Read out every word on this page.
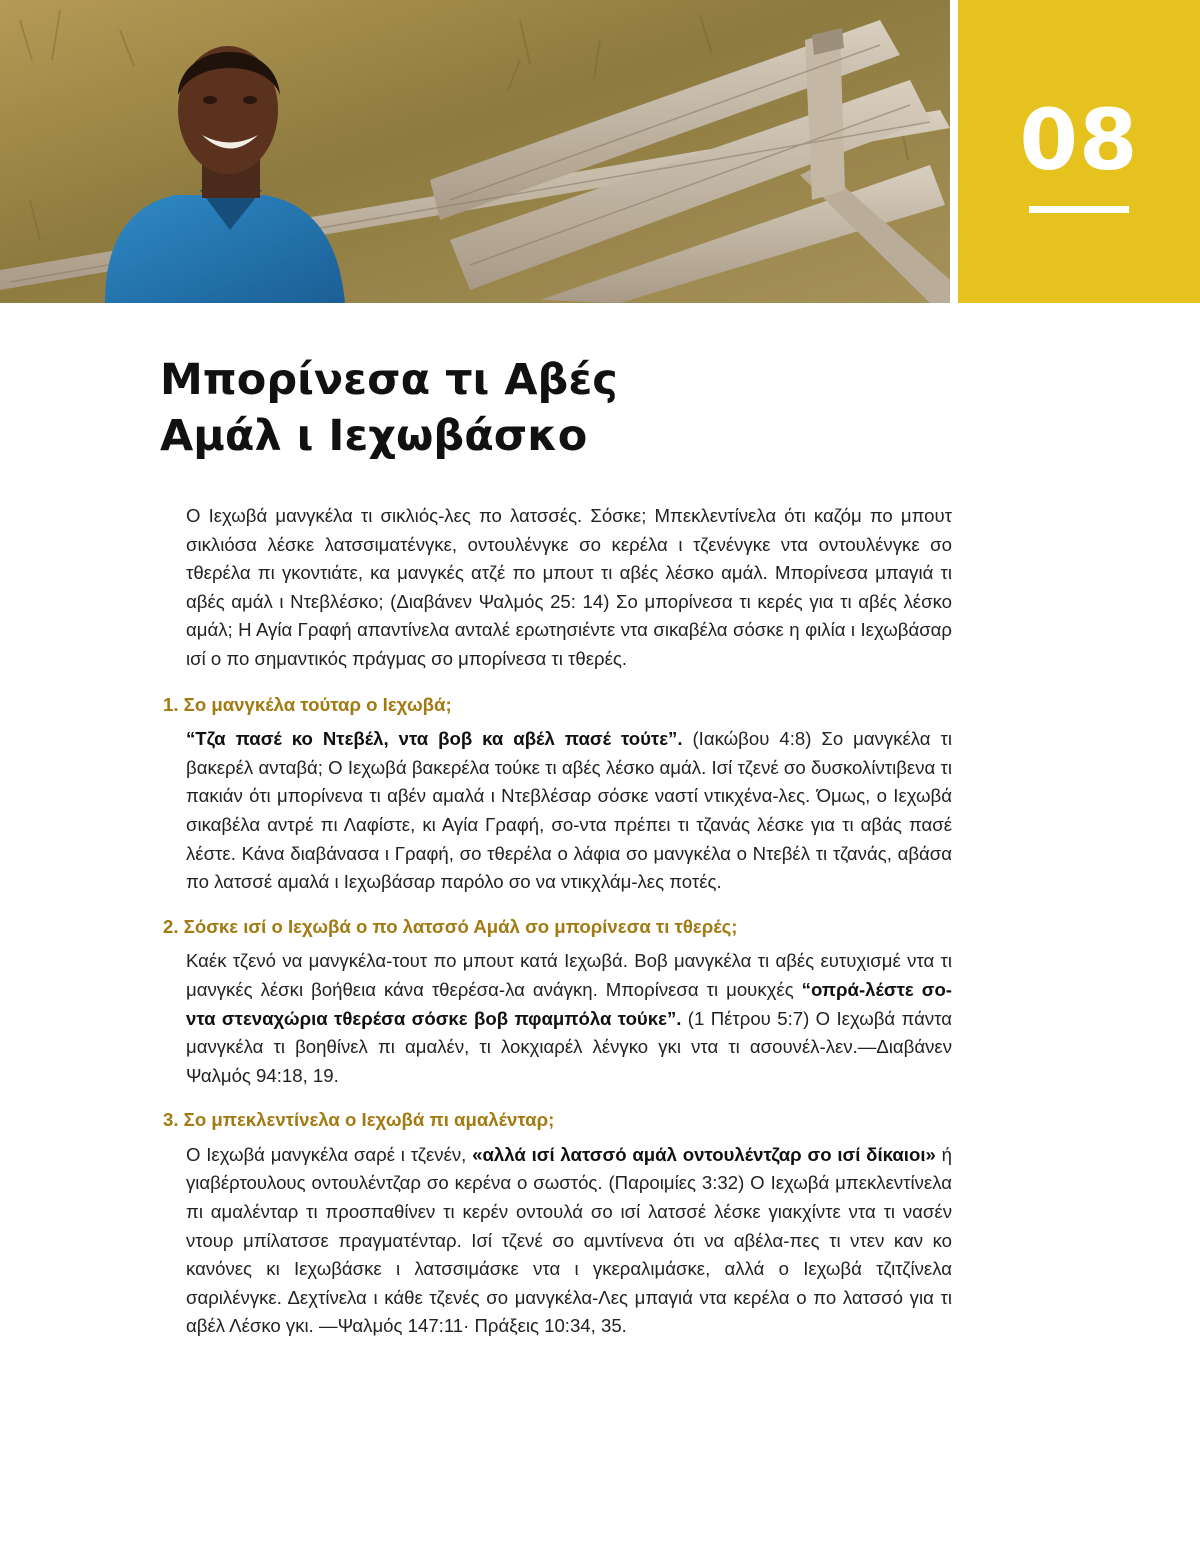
08
Μπορίνεσα τι Αβές
Αμάλ ι Ιεχωβάσκο

Ο Ιεχωβά μανγκέλα τι σικλιός-λες πο λατσσές. Σόσκε; Μπεκλεντίνελα ότι καζόμ πο μπουτ σικλιόσα λέσκε λατσσιματένγκε, οντουλένγκε σο κερέλα ι τζενένγκε ντα οντουλένγκε σο τθερέλα πι γκοντιάτε, κα μανγκές ατζέ πο μπουτ τι αβές λέσκο αμάλ. Μπορίνεσα μπαγιά τι αβές αμάλ ι Ντεβλέσκο; (Διαβάνεν Ψαλμός 25: 14) Σο μπορίνεσα τι κερές για τι αβές λέσκο αμάλ; Η Αγία Γραφή απαντίνελα ανταλέ ερωτησιέντε ντα σικαβέλα σόσκε η φιλία ι Ιεχωβάσαρ ισί ο πο σημαντικός πράγμας σο μπορίνεσα τι τθερές.

1. Σο μανγκέλα τούταρ ο Ιεχωβά;

“Τζα πασέ κο Ντεβέλ, ντα βοβ κα αβέλ πασέ τούτε”. (Ιακώβου 4:8) Σο μανγκέλα τι βακερέλ ανταβά; Ο Ιεχωβά βακερέλα τούκε τι αβές λέσκο αμάλ. Ισί τζενέ σο δυσκολίντιβενα τι πακιάν ότι μπορίνενα τι αβέν αμαλά ι Ντεβλέσαρ σόσκε ναστί ντικχένα-λες. Όμως, ο Ιεχωβά σικαβέλα αντρέ πι Λαφίστε, κι Αγία Γραφή, σο-ντα πρέπει τι τζανάς λέσκε για τι αβάς πασέ λέστε. Κάνα διαβάνασα ι Γραφή, σο τθερέλα ο λάφια σο μανγκέλα ο Ντεβέλ τι τζανάς, αβάσα πο λατσσέ αμαλά ι Ιεχωβάσαρ παρόλο σο να ντικχλάμ-λες ποτές.

2. Σόσκε ισί ο Ιεχωβά ο πο λατσσό Αμάλ σο μπορίνεσα τι τθερές;

Καέκ τζενό να μανγκέλα-τουτ πο μπουτ κατά Ιεχωβά. Βοβ μανγκέλα τι αβές ευτυχισμέ ντα τι μανγκές λέσκι βοήθεια κάνα τθερέσα-λα ανάγκη. Μπορίνεσα τι μουκχές “οπρά-λέστε σο-ντα στεναχώρια τθερέσα σόσκε βοβ πφαμπόλα τούκε”. (1 Πέτρου 5:7) Ο Ιεχωβά πάντα μανγκέλα τι βοηθίνελ πι αμαλέν, τι λοκχιαρέλ λένγκο γκι ντα τι ασουνέλ-λεν.—Διαβάνεν Ψαλμός 94:18, 19.

3. Σο μπεκλεντίνελα ο Ιεχωβά πι αμαλένταρ;

Ο Ιεχωβά μανγκέλα σαρέ ι τζενέν, «αλλά ισί λατσσό αμάλ οντουλέντζαρ σο ισί δίκαιοι» ή γιαβέρτουλους οντουλέντζαρ σο κερένα ο σωστός. (Παροιμίες 3:32) Ο Ιεχωβά μπεκλεντίνελα πι αμαλένταρ τι προσπαθίνεν τι κερέν οντουλά σο ισί λατσσέ λέσκε γιακχίντε ντα τι νασέν ντουρ μπίλατσσε πραγματένταρ. Ισί τζενέ σο αμντίνενα ότι να αβέλα-πες τι ντεν καν κο κανόνες κι Ιεχωβάσκε ι λατσσιμάσκε ντα ι γκεραλιμάσκε, αλλά ο Ιεχωβά τζιτζίνελα σαριλένγκε. Δεχτίνελα ι κάθε τζενές σο μανγκέλα-Λες μπαγιά ντα κερέλα ο πο λατσσό για τι αβέλ Λέσκο γκι. —Ψαλμός 147:11· Πράξεις 10:34, 35.
